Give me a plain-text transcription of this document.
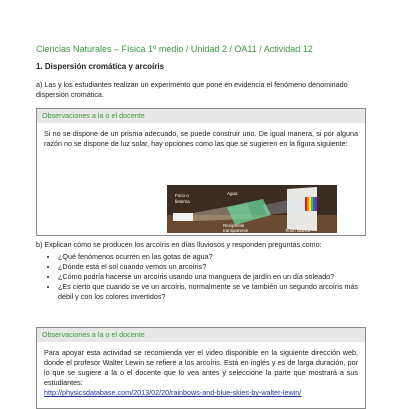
Ciencias Naturales – Física 1º medio / Unidad 2 / OA11 / Actividad 12
1. Dispersión cromática y arcoíris
a) Las y los estudiantes realizan un experimento que pone en evidencia el fenómeno denominado dispersión cromática.
Observaciones a la o el docente
Si no se dispone de un prisma adecuado, se puede construir uno. De igual manera, si por alguna razón no se dispone de luz solar, hay opciones como las que se sugieren en la figura siguiente:
Foco o
linterna
Agua
Recipiente
transparente	Telón blanco
b) Explican cómo se producen los arcoíris en días lluviosos y responden preguntas como:
• ¿Qué fenómenos ocurren en las gotas de agua?
• ¿Dónde está el sol cuando vemos un arcoíris?
• ¿Cómo podría hacerse un arcoíris usando una manguera de jardín en un día soleado?
• ¿Es cierto que cuando se ve un arcoíris, normalmente se ve también un segundo arcoíris más débil y con los colores invertidos?
Observaciones a la o el docente
Para apoyar esta actividad se recomienda ver el video disponible en la siguiente dirección web, donde el profesor Walter Lewin se refiere a los arcoíris. Está en inglés y es de larga duración, por lo que se sugiere a la o el docente que lo vea antes y seleccione la parte que mostrará a sus estudiantes:
http://physicsdatabase.com/2013/02/20/rainbows-and-blue-skies-by-walter-lewin/
